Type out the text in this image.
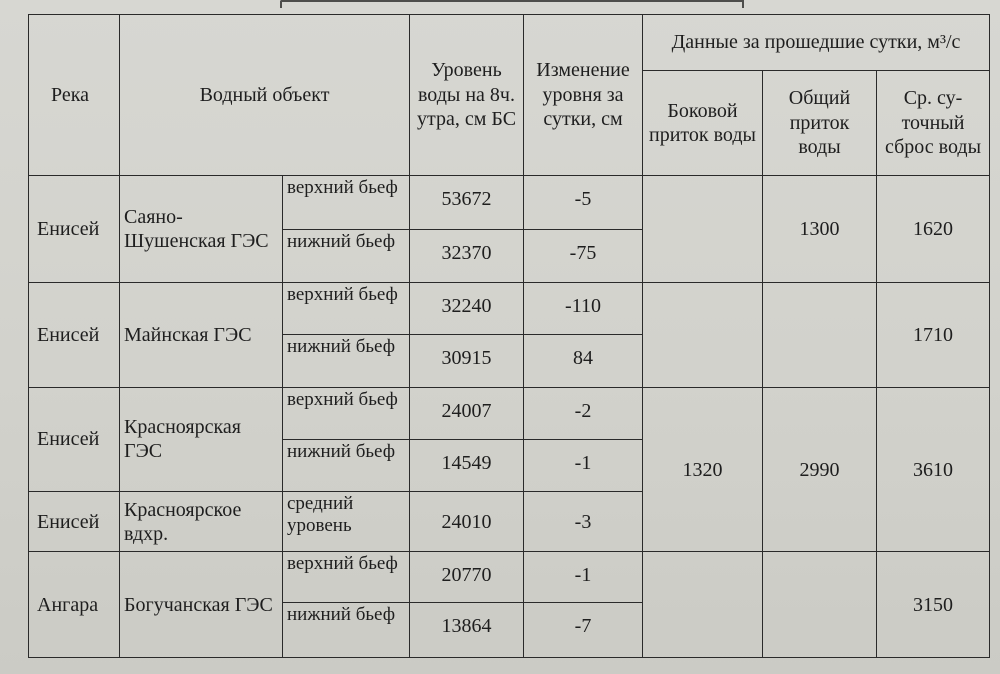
Река	Водный объект		Уровень воды на 8ч. утра, см БС	Изменение уровня за сутки, см	Данные за прошедшие сутки, м³/с		
					Боковой приток воды	Общий приток воды	Ср. су-точный сброс воды
Енисей	Саяно-Шушенская ГЭС	верхний бьеф	53672	-5		1300	1620
		нижний бьеф	32370	-75			
Енисей	Майнская ГЭС	верхний бьеф	32240	-110			1710
		нижний бьеф	30915	84			
Енисей	Красноярская ГЭС	верхний бьеф	24007	-2	1320	2990	3610
		нижний бьеф	14549	-1			
Енисей	Красноярское вдхр.	средний уровень	24010	-3			
Ангара	Богучанская ГЭС	верхний бьеф	20770	-1			3150
		нижний бьеф	13864	-7			
